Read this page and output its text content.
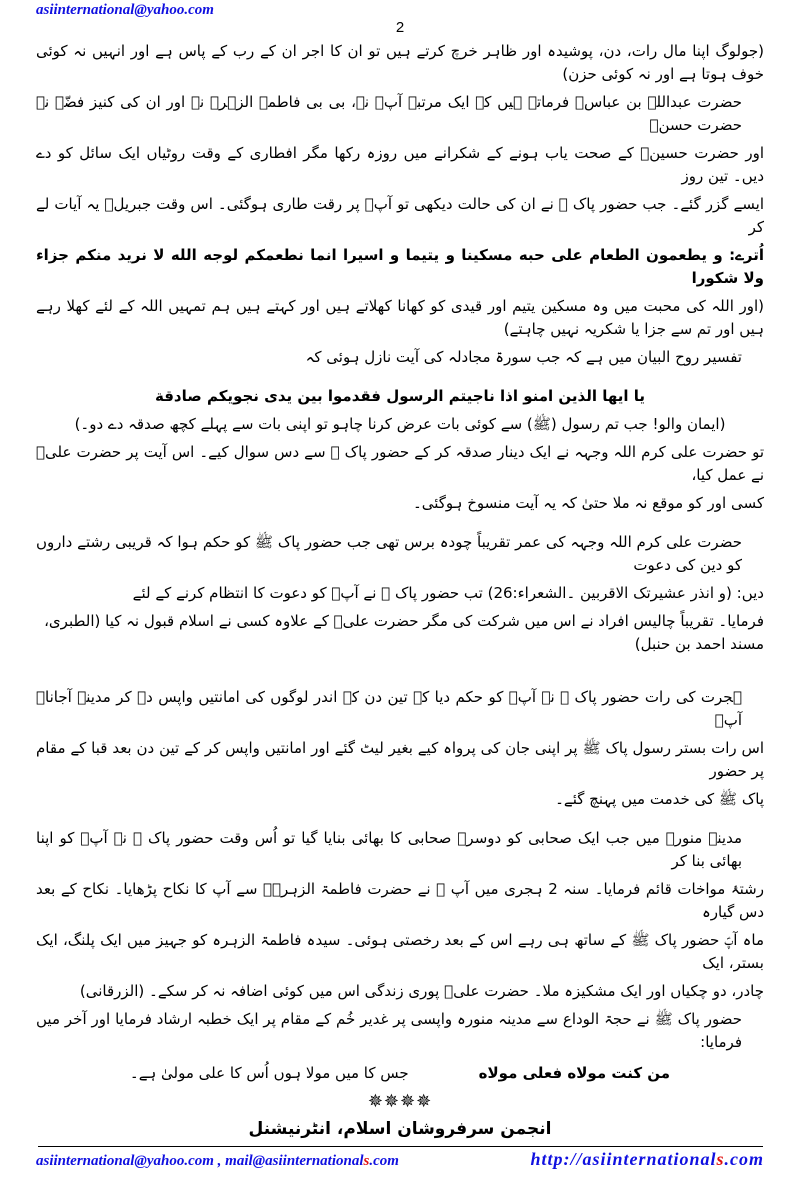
asiinternational@yahoo.com
2
(جولوگ اپنا مال رات، دن، پوشیدہ اور ظاہر خرچ کرتے ہیں تو ان کا اجر ان کے رب کے پاس ہے اور انہیں نہ کوئی خوف ہوتا ہے اور نہ کوئی حزن)
حضرت عبداللہ بن عباسؓ فرماتے ہیں کہ ایک مرتبہ آپؑ نے، بی بی فاطمۃ الزہرہ نے اور ان کی کنیز فضّہ نے حضرت حسنؑ
اور حضرت حسینؑ کے صحت یاب ہونے کے شکرانے میں روزہ رکھا مگر افطاری کے وقت روٹیاں ایک سائل کو دے دیں۔ تین روز
ایسے گزر گئے۔ جب حضور پاک ﷺ نے ان کی حالت دیکھی تو آپؑ پر رقت طاری ہوگئی۔ اس وقت جبریلؑ یہ آیات لے کر
اُترے: و یطعمون الطعام علی حبه مسکینا و یتیما و اسیرا انما نطعمکم لوجه الله لا نرید منکم جزاء ولا شکورا
(اور اللہ کی محبت میں وہ مسکین یتیم اور قیدی کو کھانا کھلاتے ہیں اور کہتے ہیں ہم تمہیں اللہ کے لئے کھلا رہے ہیں اور تم سے جزا یا شکریہ نہیں چاہتے)
تفسیر روح البیان میں ہے کہ جب سورۃ مجادلہ کی آیت نازل ہوئی کہ
يا ايها الذين امنو اذا ناجيتم الرسول فقدموا بين يدى نجويكم صادقة
(ایمان والو! جب تم رسول (ﷺ) سے کوئی بات عرض کرنا چاہو تو اپنی بات سے پہلے کچھ صدقہ دے دو۔)
تو حضرت علی کرم اللہ وجہہ نے ایک دینار صدقہ کر کے حضور پاک ﷺ سے دس سوال کیے۔ اس آیت پر حضرت علیؑ نے عمل کیا،
کسی اور کو موقع نہ ملا حتیٰ کہ یہ آیت منسوخ ہوگئی۔
حضرت علی کرم اللہ وجہہ کی عمر تقریباً چودہ برس تھی جب حضور پاک ﷺ کو حکم ہوا کہ قریبی رشتے داروں کو دین کی دعوت
دیں: (و انذر عشیرتک الاقربین ۔الشعراء:26) تب حضور پاک ﷺ نے آپؑ کو دعوت کا انتظام کرنے کے لئے
فرمایا۔ تقریباً چالیس افراد نے اس میں شرکت کی مگر حضرت علیؑ کے علاوہ کسی نے اسلام قبول نہ کیا (الطبری، مسند احمد بن حنبل)
ہجرت کی رات حضور پاک ﷺ نے آپؑ کو حکم دیا کہ تین دن کے اندر لوگوں کی امانتیں واپس دے کر مدینہ آجانا۔ آپؑ
اس رات بستر رسول پاک ﷺ پر اپنی جان کی پرواہ کیے بغیر لیٹ گئے اور امانتیں واپس کر کے تین دن بعد قبا کے مقام پر حضور
پاک ﷺ کی خدمت میں پہنچ گئے۔
مدینہ منورہ میں جب ایک صحابی کو دوسرے صحابی کا بھائی بنایا گیا تو اُس وقت حضور پاک ﷺ نے آپؑ کو اپنا بھائی بنا کر
رشتۂ مواخات قائم فرمایا۔ سنہ 2 ہجری میں آپ ﷺ نے حضرت فاطمۃ الزہرہؓ سے آپ کا نکاح پڑھایا۔ نکاح کے بعد دس گیارہ
ماہ آپؑ حضور پاک ﷺ کے ساتھ ہی رہے اس کے بعد رخصتی ہوئی۔ سیدہ فاطمۃ الزہرہ کو جہیز میں ایک پلنگ، ایک بستر، ایک
چادر، دو چکیاں اور ایک مشکیزہ ملا۔ حضرت علیؑ پوری زندگی اس میں کوئی اضافہ نہ کر سکے۔ (الزرقانی)
حضور پاک ﷺ نے حجۃ الوداع سے مدینہ منورہ واپسی پر غدیر خُم کے مقام پر ایک خطبہ ارشاد فرمایا اور آخر میں فرمایا:
من كنت مولاه فعلى مولاه
جس کا میں مولا ہوں اُس کا علی مولیٰ ہے۔
✵✵✵✵
انجمن سرفروشان اسلام، انٹرنیشنل
asiinternational@yahoo.com , mail@asiinternationals.com	http://asiinternationals.com
